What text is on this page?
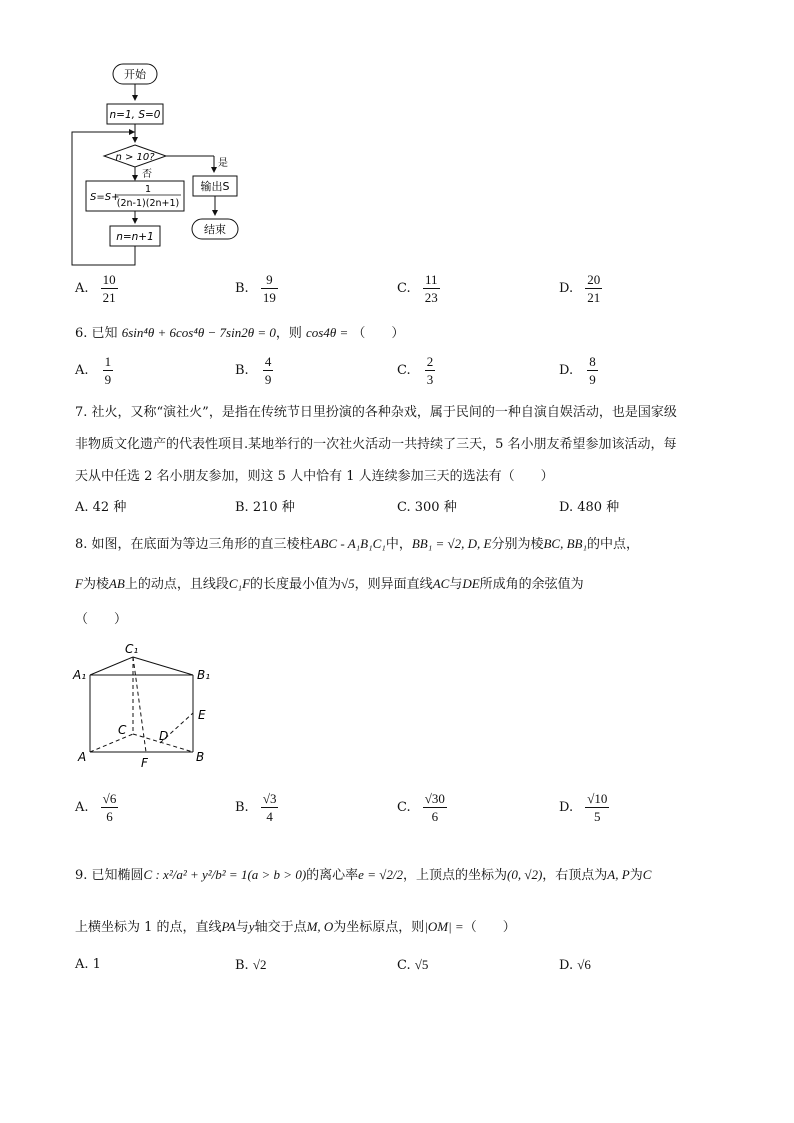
开始
n=1, S=0
n > 10?
是
输出S
结束
否
S=S+
1
(2n-1)(2n+1)
n=n+1
A. $\frac{10}{21}$	B. $\frac{9}{19}$	C. $\frac{11}{23}$	D. $\frac{20}{21}$
6. 已知 6sin⁴θ + 6cos⁴θ − 7sin2θ = 0，则 cos4θ = （　　）
A. $\frac{1}{9}$	B. $\frac{4}{9}$	C. $\frac{2}{3}$	D. $\frac{8}{9}$
7. 社火，又称“演社火”，是指在传统节日里扮演的各种杂戏，属于民间的一种自演自娱活动，也是国家级
非物质文化遗产的代表性项目.某地举行的一次社火活动一共持续了三天，5 名小朋友希望参加该活动，每
天从中任选 2 名小朋友参加，则这 5 人中恰有 1 人连续参加三天的选法有（　　）
A. 42 种	B. 210 种	C. 300 种	D. 480 种
8. 如图，在底面为等边三角形的直三棱柱ABC - A₁B₁C₁中，BB₁ = √2, D, E分别为棱BC, BB₁的中点，
F为棱AB上的动点，且线段C₁F的长度最小值为√5，则异面直线AC与DE所成角的余弦值为
（　　）
C₁
A₁	B₁
E
C	D
A	B
F
A. $\frac{√6}{6}$	B. $\frac{√3}{4}$	C. $\frac{√30}{6}$	D. $\frac{√10}{5}$
9. 已知椭圆C : x²/a² + y²/b² = 1(a > b > 0)的离心率e = √2/2，上顶点的坐标为(0, √2)，右顶点为A, P为C
上横坐标为 1 的点，直线PA与y轴交于点M, O为坐标原点，则|OM| =（　　）
A. 1	B. √2	C. √5	D. √6
